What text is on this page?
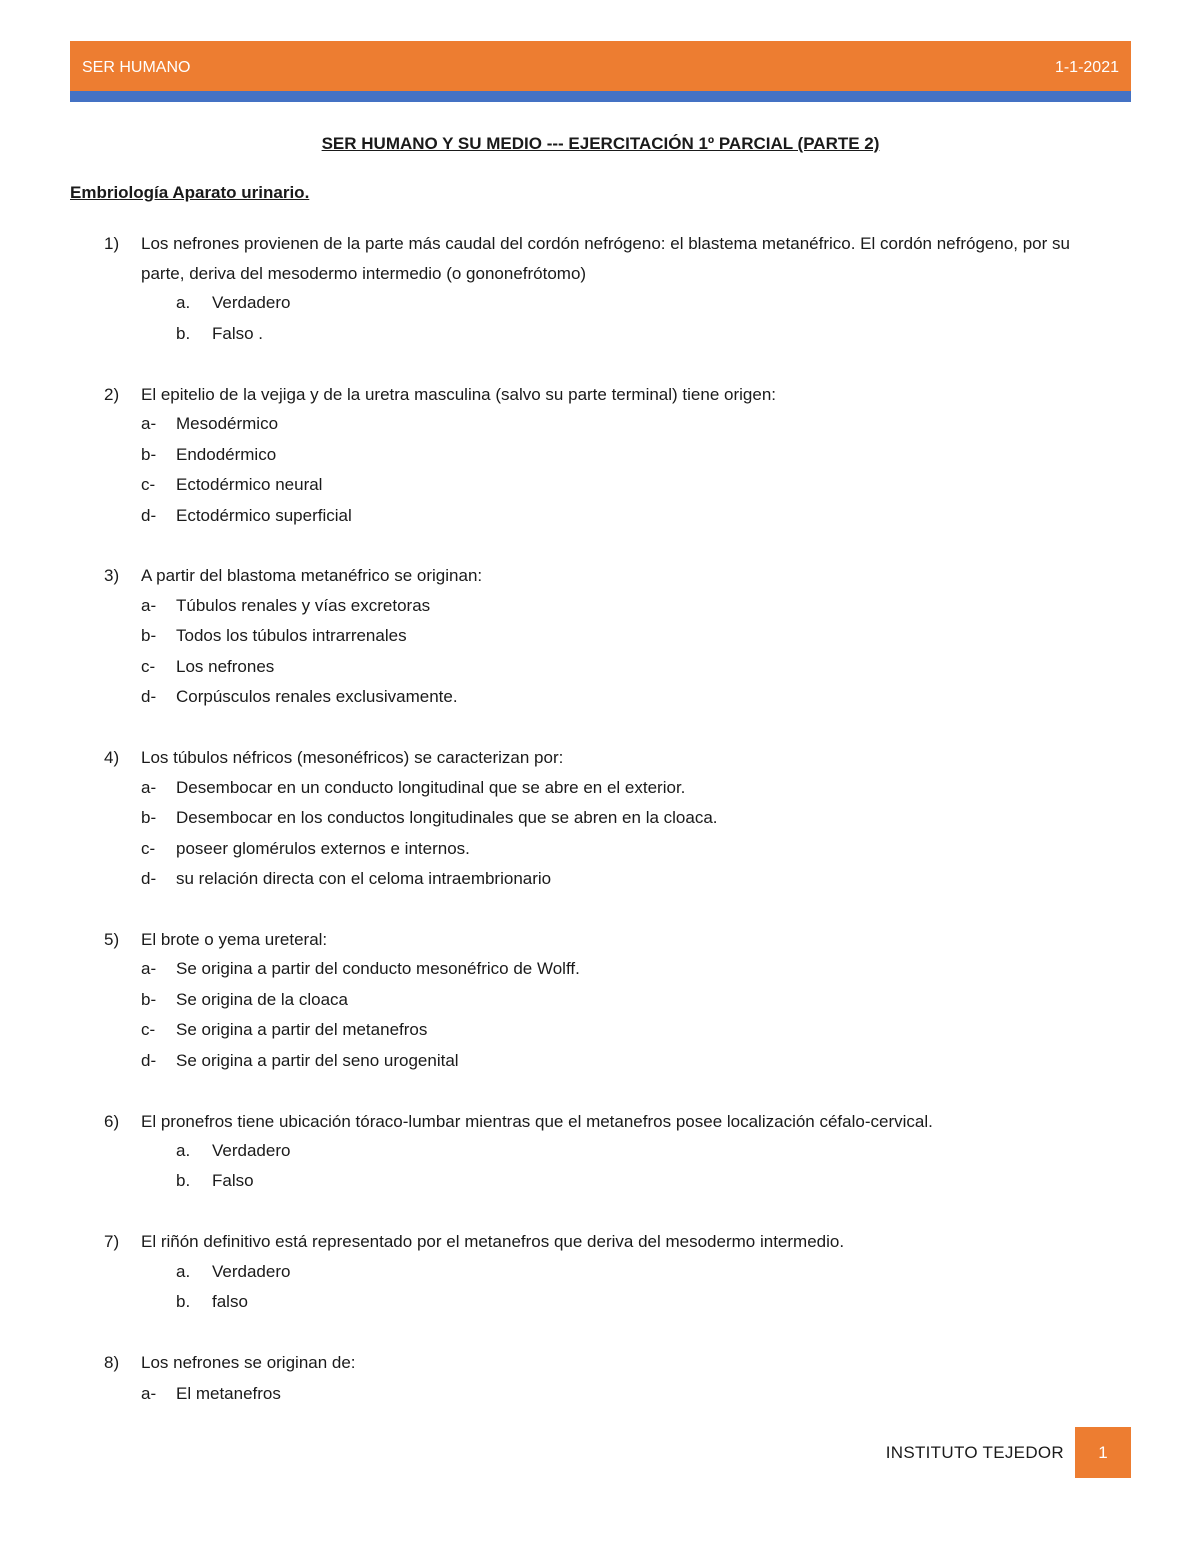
SER HUMANO	1-1-2021
SER HUMANO Y SU MEDIO --- EJERCITACIÓN 1º PARCIAL (PARTE 2)
Embriología Aparato urinario.
1) Los nefrones provienen de la parte más caudal del cordón nefrógeno: el blastema metanéfrico. El cordón nefrógeno, por su parte, deriva del mesodermo intermedio (o gononefrótomo)
a. Verdadero
b. Falso .
2) El epitelio de la vejiga y de la uretra masculina (salvo su parte terminal) tiene origen:
a- Mesodérmico
b- Endodérmico
c- Ectodérmico neural
d- Ectodérmico superficial
3) A partir del blastoma metanéfrico se originan:
a- Túbulos renales y vías excretoras
b- Todos los túbulos intrarrenales
c- Los nefrones
d- Corpúsculos renales exclusivamente.
4) Los túbulos néfricos (mesonéfricos) se caracterizan por:
a- Desembocar en un conducto longitudinal que se abre en el exterior.
b- Desembocar en los conductos longitudinales que se abren en la cloaca.
c- poseer glomérulos externos e internos.
d- su relación directa con el celoma intraembrionario
5) El brote o yema ureteral:
a- Se origina a partir del conducto mesonéfrico de Wolff.
b- Se origina de la cloaca
c- Se origina a partir del metanefros
d- Se origina a partir del seno urogenital
6) El pronefros tiene ubicación tóraco-lumbar mientras que el metanefros posee localización céfalo-cervical.
a. Verdadero
b. Falso
7) El riñón definitivo está representado por el metanefros que deriva del mesodermo intermedio.
a. Verdadero
b. falso
8) Los nefrones se originan de:
a- El metanefros
INSTITUTO TEJEDOR	1
